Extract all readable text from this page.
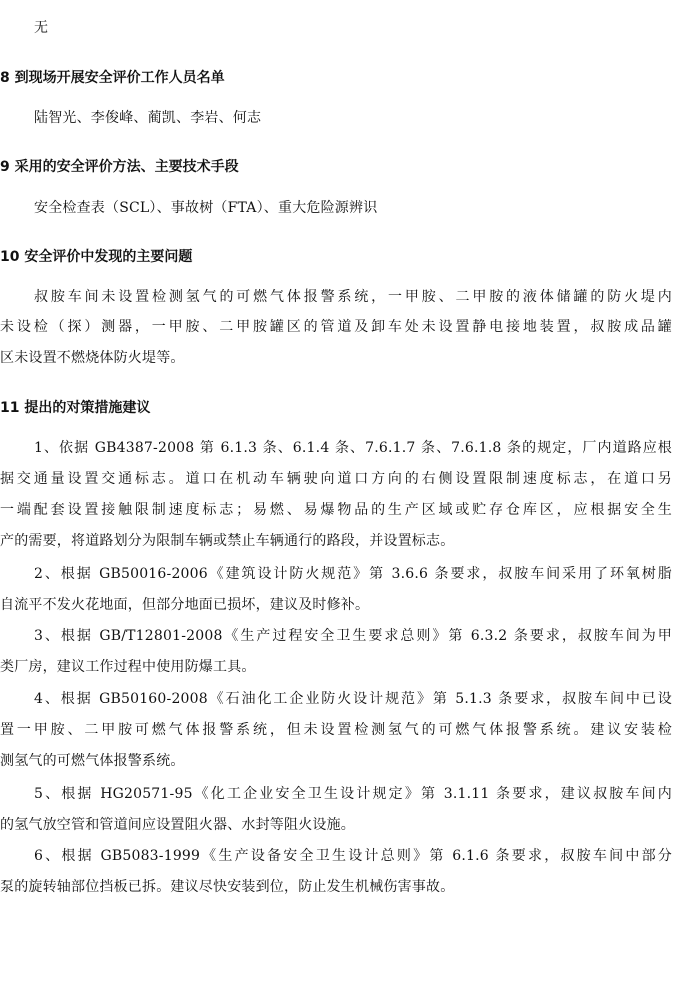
无
8 到现场开展安全评价工作人员名单
陆智光、李俊峰、蔺凯、李岩、何志
9 采用的安全评价方法、主要技术手段
安全检查表（SCL）、事故树（FTA）、重大危险源辨识
10 安全评价中发现的主要问题
叔胺车间未设置检测氢气的可燃气体报警系统，一甲胺、二甲胺的液体储罐的防火堤内
未设检（探）测器，一甲胺、二甲胺罐区的管道及卸车处未设置静电接地装置，叔胺成品罐
区未设置不燃烧体防火堤等。
11 提出的对策措施建议
1、依据 GB4387-2008 第 6.1.3 条、6.1.4 条、7.6.1.7 条、7.6.1.8 条的规定，厂内道路应根
据交通量设置交通标志。道口在机动车辆驶向道口方向的右侧设置限制速度标志，在道口另
一端配套设置接触限制速度标志；易燃、易爆物品的生产区域或贮存仓库区，应根据安全生
产的需要，将道路划分为限制车辆或禁止车辆通行的路段，并设置标志。
2、根据 GB50016-2006《建筑设计防火规范》第 3.6.6 条要求，叔胺车间采用了环氧树脂
自流平不发火花地面，但部分地面已损坏，建议及时修补。
3、根据 GB/T12801-2008《生产过程安全卫生要求总则》第 6.3.2 条要求，叔胺车间为甲
类厂房，建议工作过程中使用防爆工具。
4、根据 GB50160-2008《石油化工企业防火设计规范》第 5.1.3 条要求，叔胺车间中已设
置一甲胺、二甲胺可燃气体报警系统，但未设置检测氢气的可燃气体报警系统。建议安装检
测氢气的可燃气体报警系统。
5、根据 HG20571-95《化工企业安全卫生设计规定》第 3.1.11 条要求，建议叔胺车间内
的氢气放空管和管道间应设置阻火器、水封等阻火设施。
6、根据 GB5083-1999《生产设备安全卫生设计总则》第 6.1.6 条要求，叔胺车间中部分
泵的旋转轴部位挡板已拆。建议尽快安装到位，防止发生机械伤害事故。
